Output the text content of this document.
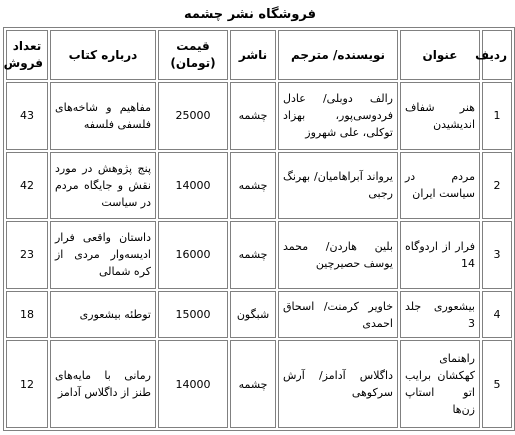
فروشگاه نشر چشمه
ردیف	عنوان	نویسنده/ مترجم	ناشر	قیمت (تومان)	درباره کتاب	تعداد فروش
1	هنر شفاف اندیشیدن	رالف دوبلی/ عادل فردوسی‌پور، بهزاد توکلی، علی شهروز	چشمه	25000	مفاهیم و شاخه‌های فلسفی فلسفه	43
2	مردم در سیاست ایران	یرواند آبراهامیان/ بهرنگ رجبی	چشمه	14000	پنج پژوهش در مورد نقش و جایگاه مردم در سیاست	42
3	فرار از اردوگاه 14	بلین هاردن/ محمد یوسف حصیرچین	چشمه	16000	داستان واقعی فرار ادیسه‌وار مردی از کره شمالی	23
4	بیشعوری جلد 3	خاویر کرمنت/ اسحاق احمدی	شبگون	15000	توطئه بیشعوری	18
5	راهنمای کهکشان برایب اتو استاپ زن‌ها	داگلاس آدامز/ آرش سرکوهی	چشمه	14000	رمانی با مایه‌های طنز از داگلاس آدامز	12
